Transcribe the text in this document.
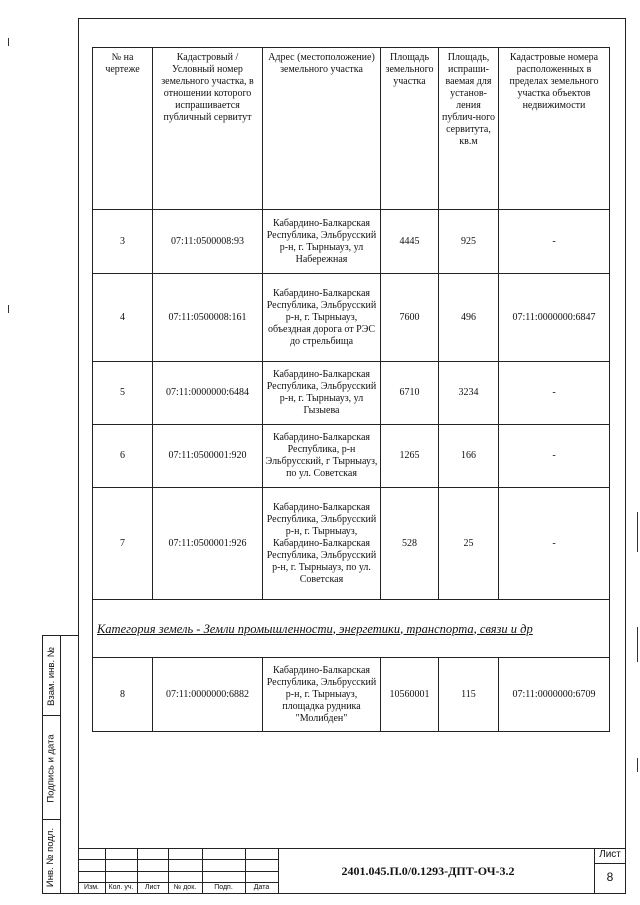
№ на чертеже	Кадастровый / Условный номер земельного участка, в отношении которого испрашивается публичный сервитут	Адрес (местоположение) земельного участка	Площадь земельного участка	Площадь, испраши-ваемая для установ-ления публич-ного сервитута, кв.м	Кадастровые номера расположенных в пределах земельного участка объектов недвижимости
3	07:11:0500008:93	Кабардино-Балкарская Республика, Эльбрусский р-н, г. Тырныауз, ул Набережная	4445	925	-
4	07:11:0500008:161	Кабардино-Балкарская Республика, Эльбрусский р-н, г. Тырныауз, объездная дорога от РЭС до стрельбища	7600	496	07:11:0000000:6847
5	07:11:0000000:6484	Кабардино-Балкарская Республика, Эльбрусский р-н, г. Тырныауз, ул Гызыева	6710	3234	-
6	07:11:0500001:920	Кабардино-Балкарская Республика, р-н Эльбрусский, г Тырныауз, по ул. Советская	1265	166	-
7	07:11:0500001:926	Кабардино-Балкарская Республика, Эльбрусский р-н, г. Тырныауз, Кабардино-Балкарская Республика, Эльбрусский р-н, г. Тырныауз, по ул. Советская	528	25	-
Категория земель - Земли промышленности, энергетики, транспорта, связи и др					
8	07:11:0000000:6882	Кабардино-Балкарская Республика, Эльбрусский р-н, г. Тырныауз, площадка рудника "Молибден"	10560001	115	07:11:0000000:6709
Взам. инв. №
Подпись и дата
Инв. № подл.
Изм.	Кол. уч.	Лист	№ док.	Подп.	Дата
2401.045.П.0/0.1293-ДПТ-ОЧ-3.2
Лист
8
